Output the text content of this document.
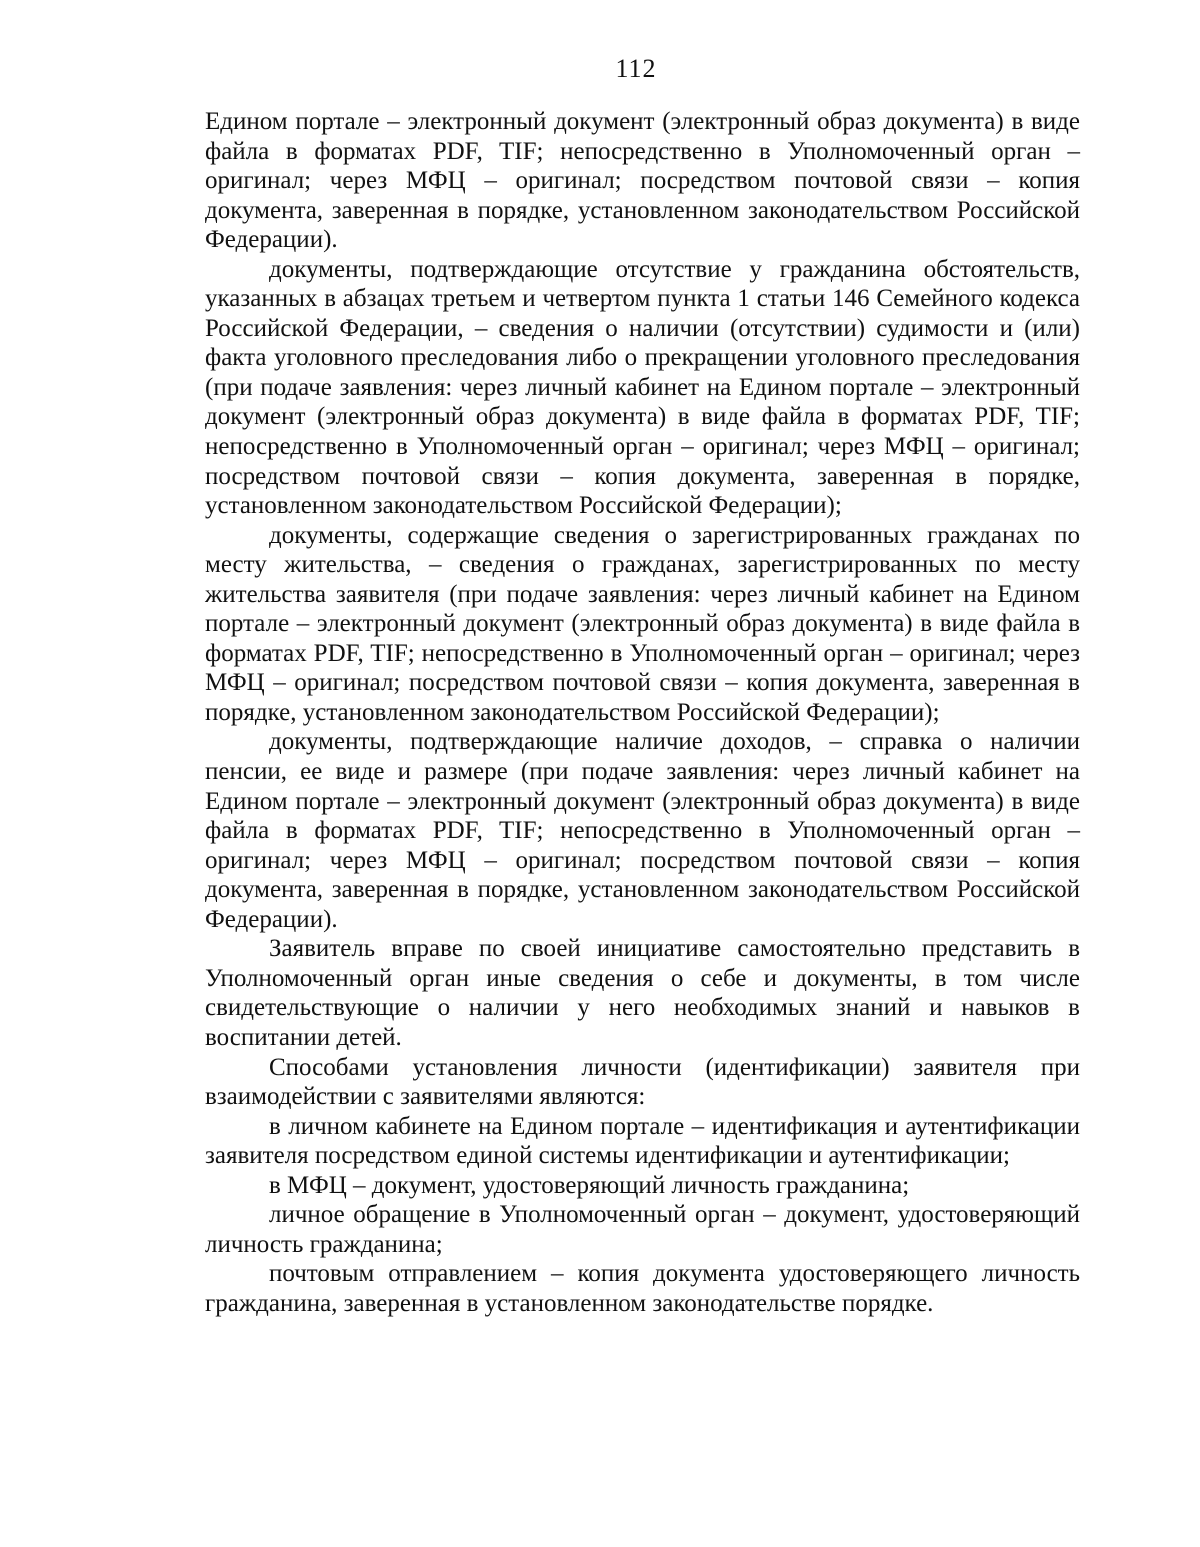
112

Едином портале – электронный документ (электронный образ документа) в виде файла в форматах PDF, TIF; непосредственно в Уполномоченный орган – оригинал; через МФЦ – оригинал; посредством почтовой связи – копия документа, заверенная в порядке, установленном законодательством Российской Федерации).

документы, подтверждающие отсутствие у гражданина обстоятельств, указанных в абзацах третьем и четвертом пункта 1 статьи 146 Семейного кодекса Российской Федерации, – сведения о наличии (отсутствии) судимости и (или) факта уголовного преследования либо о прекращении уголовного преследования (при подаче заявления: через личный кабинет на Едином портале – электронный документ (электронный образ документа) в виде файла в форматах PDF, TIF; непосредственно в Уполномоченный орган – оригинал; через МФЦ – оригинал; посредством почтовой связи – копия документа, заверенная в порядке, установленном законодательством Российской Федерации);

документы, содержащие сведения о зарегистрированных гражданах по месту жительства, – сведения о гражданах, зарегистрированных по месту жительства заявителя (при подаче заявления: через личный кабинет на Едином портале – электронный документ (электронный образ документа) в виде файла в форматах PDF, TIF; непосредственно в Уполномоченный орган – оригинал; через МФЦ – оригинал; посредством почтовой связи – копия документа, заверенная в порядке, установленном законодательством Российской Федерации);

документы, подтверждающие наличие доходов, – справка о наличии пенсии, ее виде и размере (при подаче заявления: через личный кабинет на Едином портале – электронный документ (электронный образ документа) в виде файла в форматах PDF, TIF; непосредственно в Уполномоченный орган – оригинал; через МФЦ – оригинал; посредством почтовой связи – копия документа, заверенная в порядке, установленном законодательством Российской Федерации).

Заявитель вправе по своей инициативе самостоятельно представить в Уполномоченный орган иные сведения о себе и документы, в том числе свидетельствующие о наличии у него необходимых знаний и навыков в воспитании детей.

Способами установления личности (идентификации) заявителя при взаимодействии с заявителями являются:

в личном кабинете на Едином портале – идентификация и аутентификации заявителя посредством единой системы идентификации и аутентификации;

в МФЦ – документ, удостоверяющий личность гражданина;

личное обращение в Уполномоченный орган – документ, удостоверяющий личность гражданина;

почтовым отправлением – копия документа удостоверяющего личность гражданина, заверенная в установленном законодательстве порядке.
